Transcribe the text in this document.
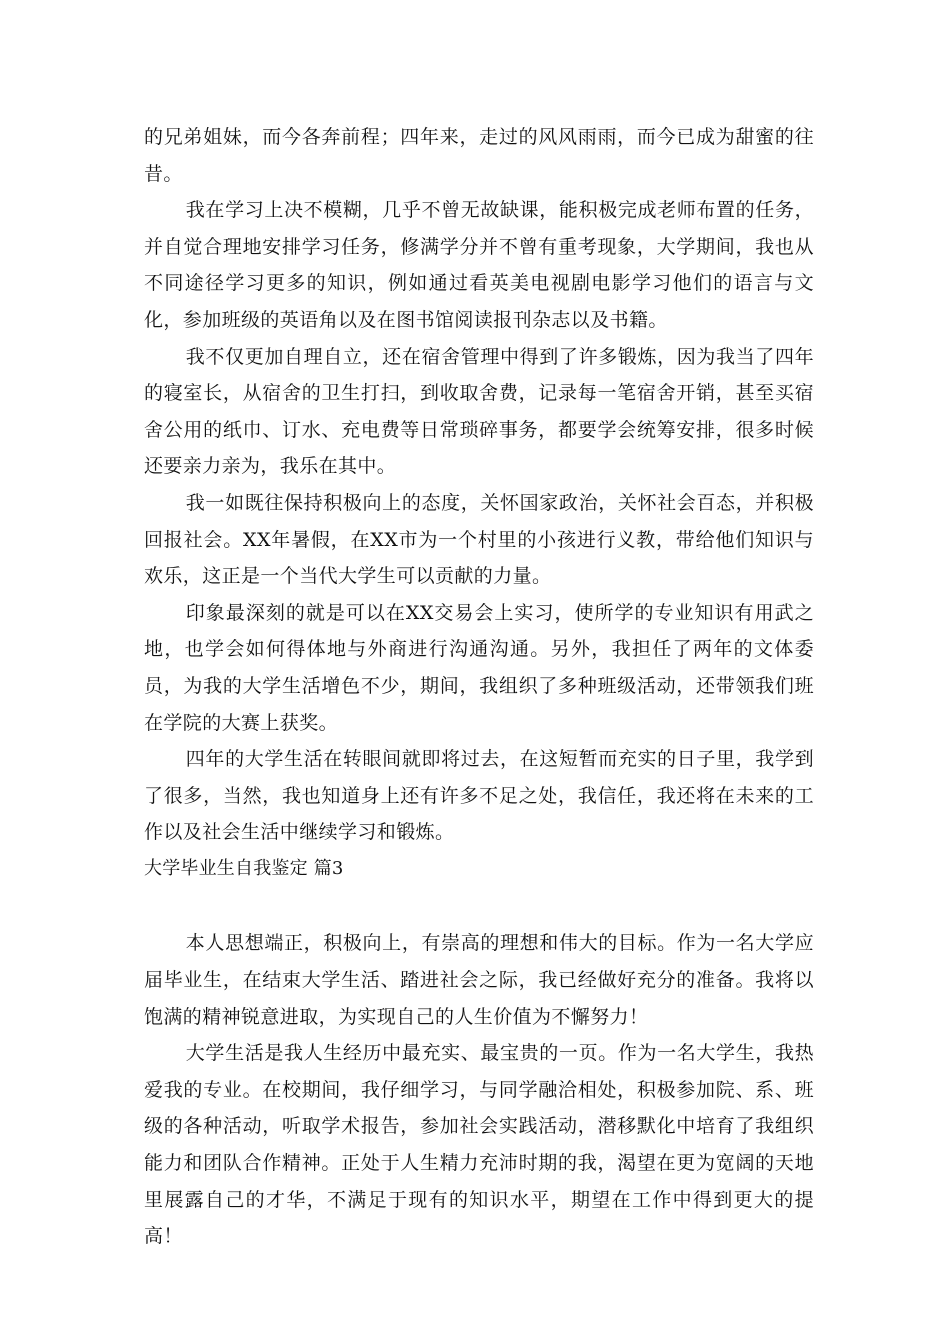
的兄弟姐妹，而今各奔前程；四年来，走过的风风雨雨，而今已成为甜蜜的往昔。

我在学习上决不模糊，几乎不曾无故缺课，能积极完成老师布置的任务，并自觉合理地安排学习任务，修满学分并不曾有重考现象，大学期间，我也从不同途径学习更多的知识，例如通过看英美电视剧电影学习他们的语言与文化，参加班级的英语角以及在图书馆阅读报刊杂志以及书籍。

我不仅更加自理自立，还在宿舍管理中得到了许多锻炼，因为我当了四年的寝室长，从宿舍的卫生打扫，到收取舍费，记录每一笔宿舍开销，甚至买宿舍公用的纸巾、订水、充电费等日常琐碎事务，都要学会统筹安排，很多时候还要亲力亲为，我乐在其中。

我一如既往保持积极向上的态度，关怀国家政治，关怀社会百态，并积极回报社会。XX年暑假，在XX市为一个村里的小孩进行义教，带给他们知识与欢乐，这正是一个当代大学生可以贡献的力量。

印象最深刻的就是可以在XX交易会上实习，使所学的专业知识有用武之地，也学会如何得体地与外商进行沟通沟通。另外，我担任了两年的文体委员，为我的大学生活增色不少，期间，我组织了多种班级活动，还带领我们班在学院的大赛上获奖。

四年的大学生活在转眼间就即将过去，在这短暂而充实的日子里，我学到了很多，当然，我也知道身上还有许多不足之处，我信任，我还将在未来的工作以及社会生活中继续学习和锻炼。

大学毕业生自我鉴定 篇3

本人思想端正，积极向上，有崇高的理想和伟大的目标。作为一名大学应届毕业生，在结束大学生活、踏进社会之际，我已经做好充分的准备。我将以饱满的精神锐意进取，为实现自己的人生价值为不懈努力！

大学生活是我人生经历中最充实、最宝贵的一页。作为一名大学生，我热爱我的专业。在校期间，我仔细学习，与同学融洽相处，积极参加院、系、班级的各种活动，听取学术报告，参加社会实践活动，潜移默化中培育了我组织能力和团队合作精神。正处于人生精力充沛时期的我，渴望在更为宽阔的天地里展露自己的才华，不满足于现有的知识水平，期望在工作中得到更大的提高！
